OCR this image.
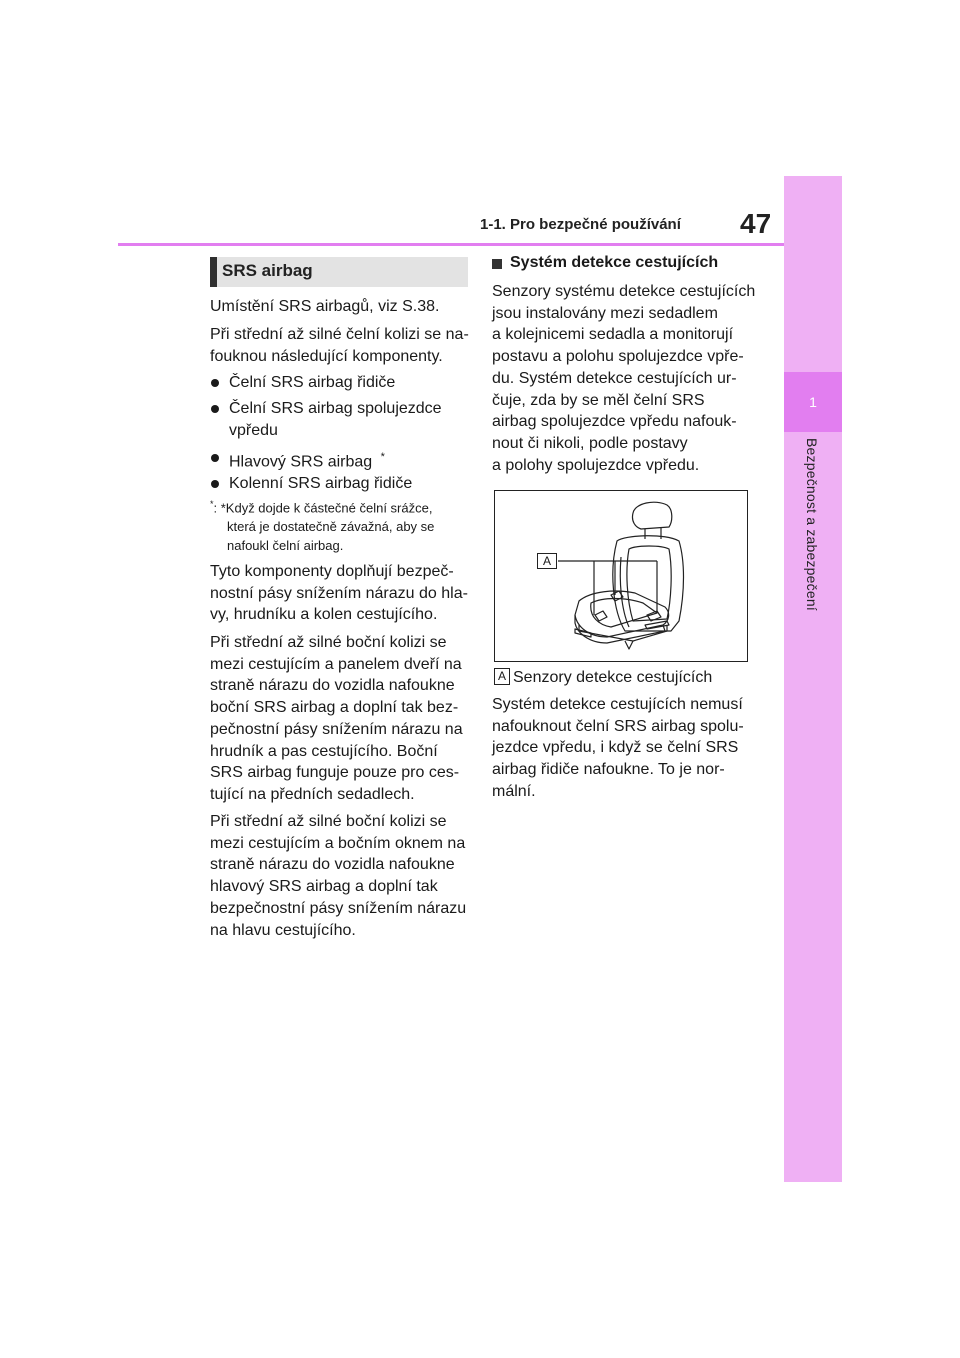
1
Bezpečnost a zabezpečení
1-1. Pro bezpečné používání 47
SRS airbag
Umístění SRS airbagů, viz S.38.
Při střední až silné čelní kolizi se na-
fouknou následující komponenty.
Čelní SRS airbag řidiče
Čelní SRS airbag spolujezdce
vpředu
Hlavový SRS airbag *
Kolenní SRS airbag řidiče
*: *Když dojde k částečné čelní srážce,
která je dostatečně závažná, aby se
nafoukl čelní airbag.
Tyto komponenty doplňují bezpeč-
nostní pásy snížením nárazu do hla-
vy, hrudníku a kolen cestujícího.
Při střední až silné boční kolizi se
mezi cestujícím a panelem dveří na
straně nárazu do vozidla nafoukne
boční SRS airbag a doplní tak bez-
pečnostní pásy snížením nárazu na
hrudník a pas cestujícího. Boční
SRS airbag funguje pouze pro ces-
tující na předních sedadlech.
Při střední až silné boční kolizi se
mezi cestujícím a bočním oknem na
straně nárazu do vozidla nafoukne
hlavový SRS airbag a doplní tak
bezpečnostní pásy snížením nárazu
na hlavu cestujícího.
Systém detekce cestujících
Senzory systému detekce cestujících
jsou instalovány mezi sedadlem
a kolejnicemi sedadla a monitorují
postavu a polohu spolujezdce vpře-
du. Systém detekce cestujících ur-
čuje, zda by se měl čelní SRS
airbag spolujezdce vpředu nafouk-
nout či nikoli, podle postavy
a polohy spolujezdce vpředu.
A
A Senzory detekce cestujících
Systém detekce cestujících nemusí
nafouknout čelní SRS airbag spolu-
jezdce vpředu, i když se čelní SRS
airbag řidiče nafoukne. To je nor-
mální.
